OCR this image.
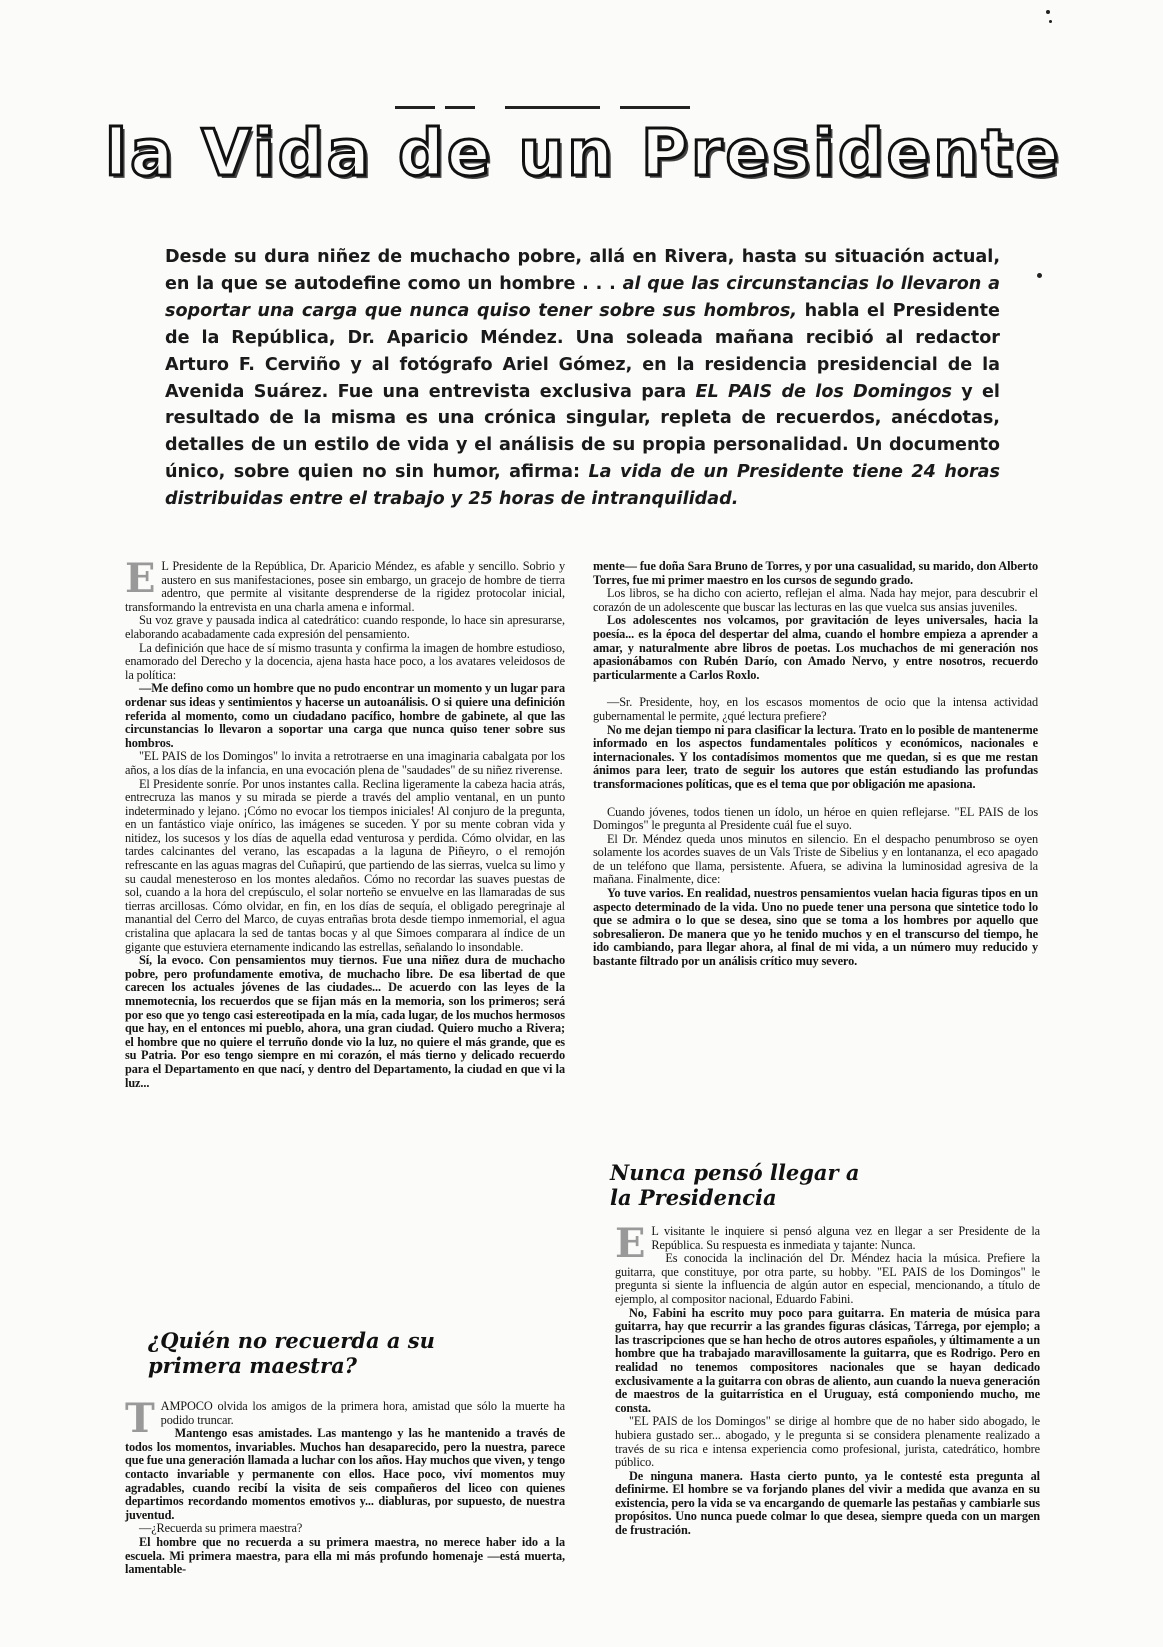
la Vida de un Presidente
Desde su dura niñez de muchacho pobre, allá en Rivera, hasta su situación actual, en la que se autodefine como un hombre . . . al que las circunstancias lo llevaron a soportar una carga que nunca quiso tener sobre sus hombros, habla el Presidente de la República, Dr. Aparicio Méndez. Una soleada mañana recibió al redactor Arturo F. Cerviño y al fotógrafo Ariel Gómez, en la residencia presidencial de la Avenida Suárez. Fue una entrevista exclusiva para EL PAIS de los Domingos y el resultado de la misma es una crónica singular, repleta de recuerdos, anécdotas, detalles de un estilo de vida y el análisis de su propia personalidad. Un documento único, sobre quien no sin humor, afirma: La vida de un Presidente tiene 24 horas distribuidas entre el trabajo y 25 horas de intranquilidad.
E L Presidente de la República, Dr. Aparicio Méndez, es afable y sencillo. Sobrio y austero en sus manifestaciones, posee sin embargo, un gracejo de hombre de tierra adentro, que permite al visitante desprenderse de la rigidez protocolar inicial, transformando la entrevista en una charla amena e informal.

Su voz grave y pausada indica al catedrático: cuando responde, lo hace sin apresurarse, elaborando acabadamente cada expresión del pensamiento.

La definición que hace de sí mismo trasunta y confirma la imagen de hombre estudioso, enamorado del Derecho y la docencia, ajena hasta hace poco, a los avatares veleidosos de la política:

—Me defino como un hombre que no pudo encontrar un momento y un lugar para ordenar sus ideas y sentimientos y hacerse un autoanálisis. O si quiere una definición referida al momento, como un ciudadano pacífico, hombre de gabinete, al que las circunstancias lo llevaron a soportar una carga que nunca quiso tener sobre sus hombros.

"EL PAIS de los Domingos" lo invita a retrotraerse en una imaginaria cabalgata por los años, a los días de la infancia, en una evocación plena de "saudades" de su niñez riverense.

El Presidente sonríe. Por unos instantes calla. Reclina ligeramente la cabeza hacia atrás, entrecruza las manos y su mirada se pierde a través del amplio ventanal, en un punto indeterminado y lejano. ¡Cómo no evocar los tiempos iniciales! Al conjuro de la pregunta, en un fantástico viaje onírico, las imágenes se suceden. Y por su mente cobran vida y nitidez, los sucesos y los días de aquella edad venturosa y perdida. Cómo olvidar, en las tardes calcinantes del verano, las escapadas a la laguna de Piñeyro, o el remojón refrescante en las aguas magras del Cuñapirú, que partiendo de las sierras, vuelca su limo y su caudal menesteroso en los montes aledaños. Cómo no recordar las suaves puestas de sol, cuando a la hora del crepúsculo, el solar norteño se envuelve en las llamaradas de sus tierras arcillosas. Cómo olvidar, en fin, en los días de sequía, el obligado peregrinaje al manantial del Cerro del Marco, de cuyas entrañas brota desde tiempo inmemorial, el agua cristalina que aplacara la sed de tantas bocas y al que Simoes comparara al índice de un gigante que estuviera eternamente indicando las estrellas, señalando lo insondable.

Sí, la evoco. Con pensamientos muy tiernos. Fue una niñez dura de muchacho pobre, pero profundamente emotiva, de muchacho libre. De esa libertad de que carecen los actuales jóvenes de las ciudades... De acuerdo con las leyes de la mnemotecnia, los recuerdos que se fijan más en la memoria, son los primeros; será por eso que yo tengo casi estereotipada en la mía, cada lugar, de los muchos hermosos que hay, en el entonces mi pueblo, ahora, una gran ciudad. Quiero mucho a Rivera; el hombre que no quiere el terruño donde vio la luz, no quiere el más grande, que es su Patria. Por eso tengo siempre en mi corazón, el más tierno y delicado recuerdo para el Departamento en que nací, y dentro del Departamento, la ciudad en que vi la luz...

¿Quién no recuerda a su primera maestra?
T AMPOCO olvida los amigos de la primera hora, amistad que sólo la muerte ha podido truncar.

Mantengo esas amistades. Las mantengo y las he mantenido a través de todos los momentos, invariables. Muchos han desaparecido, pero la nuestra, parece que fue una generación llamada a luchar con los años. Hay muchos que viven, y tengo contacto invariable y permanente con ellos. Hace poco, viví momentos muy agradables, cuando recibí la visita de seis compañeros del liceo con quienes departimos recordando momentos emotivos y... diabluras, por supuesto, de nuestra juventud.

—¿Recuerda su primera maestra?

El hombre que no recuerda a su primera maestra, no merece haber ido a la escuela. Mi primera maestra, para ella mi más profundo homenaje —está muerta, lamentable-

mente— fue doña Sara Bruno de Torres, y por una casualidad, su marido, don Alberto Torres, fue mi primer maestro en los cursos de segundo grado.

Los libros, se ha dicho con acierto, reflejan el alma. Nada hay mejor, para descubrir el corazón de un adolescente que buscar las lecturas en las que vuelca sus ansias juveniles.

Los adolescentes nos volcamos, por gravitación de leyes universales, hacia la poesía... es la época del despertar del alma, cuando el hombre empieza a aprender a amar, y naturalmente abre libros de poetas. Los muchachos de mi generación nos apasionábamos con Rubén Darío, con Amado Nervo, y entre nosotros, recuerdo particularmente a Carlos Roxlo.

—Sr. Presidente, hoy, en los escasos momentos de ocio que la intensa actividad gubernamental le permite, ¿qué lectura prefiere?

No me dejan tiempo ni para clasificar la lectura. Trato en lo posible de mantenerme informado en los aspectos fundamentales políticos y económicos, nacionales e internacionales. Y los contadísimos momentos que me quedan, si es que me restan ánimos para leer, trato de seguir los autores que están estudiando las profundas transformaciones políticas, que es el tema que por obligación me apasiona.

Cuando jóvenes, todos tienen un ídolo, un héroe en quien reflejarse. "EL PAIS de los Domingos" le pregunta al Presidente cuál fue el suyo.

El Dr. Méndez queda unos minutos en silencio. En el despacho penumbroso se oyen solamente los acordes suaves de un Vals Triste de Sibelius y en lontananza, el eco apagado de un teléfono que llama, persistente. Afuera, se adivina la luminosidad agresiva de la mañana. Finalmente, dice:

Yo tuve varios. En realidad, nuestros pensamientos vuelan hacia figuras tipos en un aspecto determinado de la vida. Uno no puede tener una persona que sintetice todo lo que se admira o lo que se desea, sino que se toma a los hombres por aquello que sobresalieron. De manera que yo he tenido muchos y en el transcurso del tiempo, he ido cambiando, para llegar ahora, al final de mi vida, a un número muy reducido y bastante filtrado por un análisis crítico muy severo.

Nunca pensó llegar a la Presidencia
E L visitante le inquiere si pensó alguna vez en llegar a ser Presidente de la República. Su respuesta es inmediata y tajante: Nunca.

Es conocida la inclinación del Dr. Méndez hacia la música. Prefiere la guitarra, que constituye, por otra parte, su hobby. "EL PAIS de los Domingos" le pregunta si siente la influencia de algún autor en especial, mencionando, a título de ejemplo, al compositor nacional, Eduardo Fabini.

No, Fabini ha escrito muy poco para guitarra. En materia de música para guitarra, hay que recurrir a las grandes figuras clásicas, Tárrega, por ejemplo; a las trascripciones que se han hecho de otros autores españoles, y últimamente a un hombre que ha trabajado maravillosamente la guitarra, que es Rodrigo. Pero en realidad no tenemos compositores nacionales que se hayan dedicado exclusivamente a la guitarra con obras de aliento, aun cuando la nueva generación de maestros de la guitarrística en el Uruguay, está componiendo mucho, me consta.

"EL PAIS de los Domingos" se dirige al hombre que de no haber sido abogado, le hubiera gustado ser... abogado, y le pregunta si se considera plenamente realizado a través de su rica e intensa experiencia como profesional, jurista, catedrático, hombre público.

De ninguna manera. Hasta cierto punto, ya le contesté esta pregunta al definirme. El hombre se va forjando planes del vivir a medida que avanza en su existencia, pero la vida se va encargando de quemarle las pestañas y cambiarle sus propósitos. Uno nunca puede colmar lo que desea, siempre queda con un margen de frustración.
